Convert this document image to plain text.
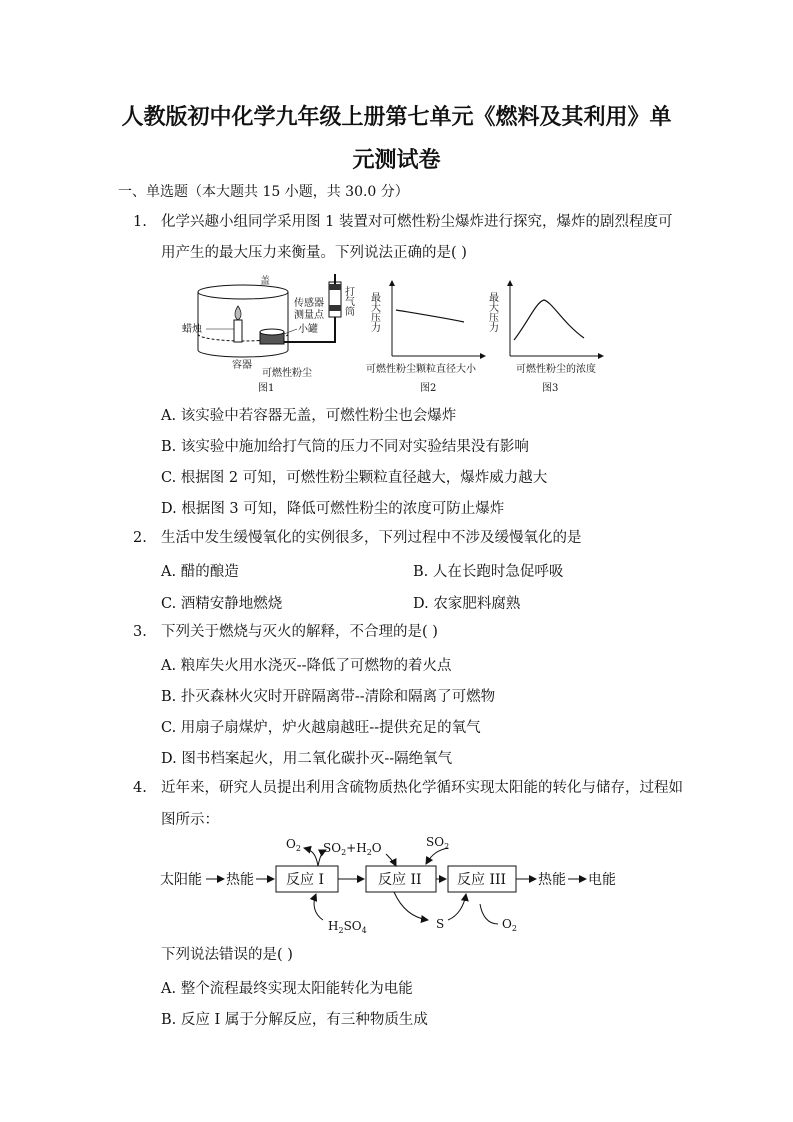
人教版初中化学九年级上册第七单元《燃料及其利用》单
元测试卷
一、单选题（本大题共 15 小题，共 30.0 分）
1. 化学兴趣小组同学采用图 1 装置对可燃性粉尘爆炸进行探究，爆炸的剧烈程度可
用产生的最大压力来衡量。下列说法正确的是( )
盖
蜡烛	小罐
打气筒
传感器
测量点
容器
可燃性粉尘
图1
最大压力
可燃性粉尘颗粒直径大小
图2
最大压力
可燃性粉尘的浓度
图3
A. 该实验中若容器无盖，可燃性粉尘也会爆炸
B. 该实验中施加给打气筒的压力不同对实验结果没有影响
C. 根据图 2 可知，可燃性粉尘颗粒直径越大，爆炸威力越大
D. 根据图 3 可知，降低可燃性粉尘的浓度可防止爆炸
2. 生活中发生缓慢氧化的实例很多，下列过程中不涉及缓慢氧化的是
A. 醋的酿造	B. 人在长跑时急促呼吸
C. 酒精安静地燃烧	D. 农家肥料腐熟
3. 下列关于燃烧与灭火的解释，不合理的是( )
A. 粮库失火用水浇灭--降低了可燃物的着火点
B. 扑灭森林火灾时开辟隔离带--清除和隔离了可燃物
C. 用扇子扇煤炉，炉火越扇越旺--提供充足的氧气
D. 图书档案起火，用二氧化碳扑灭--隔绝氧气
4. 近年来，研究人员提出利用含硫物质热化学循环实现太阳能的转化与储存，过程如
图所示：
太阳能 热能 反应 I	反应 II	反应 III 热能 电能
$O_2$ $SO_2+H_2O$	$SO_2$
$H_2SO_4$	S	$O_2$
下列说法错误的是( )
A. 整个流程最终实现太阳能转化为电能
B. 反应 I 属于分解反应，有三种物质生成
